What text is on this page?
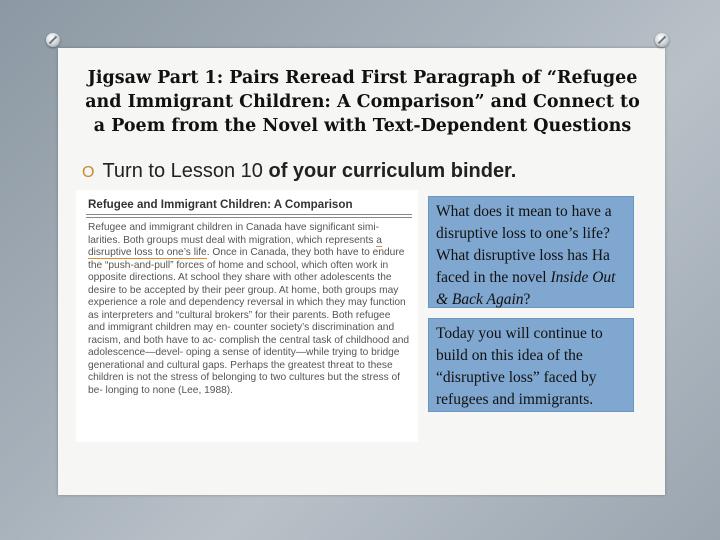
Jigsaw Part 1: Pairs Reread First Paragraph of “Refugee and Immigrant Children: A Comparison” and Connect to a Poem from the Novel with Text-Dependent Questions
O Turn to Lesson 10 of your curriculum binder.
Refugee and Immigrant Children: A Comparison

Refugee and immigrant children in Canada have significant simi- larities. Both groups must deal with migration, which represents a disruptive loss to one’s life. Once in Canada, they both have to endure the “push-and-pull” forces of home and school, which often work in opposite directions. At school they share with other adolescents the desire to be accepted by their peer group. At home, both groups may experience a role and dependency reversal in which they may function as interpreters and “cultural brokers” for their parents. Both refugee and immigrant children may en- counter society’s discrimination and racism, and both have to ac- complish the central task of childhood and adolescence—devel- oping a sense of identity—while trying to bridge generational and cultural gaps. Perhaps the greatest threat to these children is not the stress of belonging to two cultures but the stress of be- longing to none (Lee, 1988).

What does it mean to have a disruptive loss to one’s life? What disruptive loss has Ha faced in the novel Inside Out & Back Again?

Today you will continue to build on this idea of the “disruptive loss” faced by refugees and immigrants.
